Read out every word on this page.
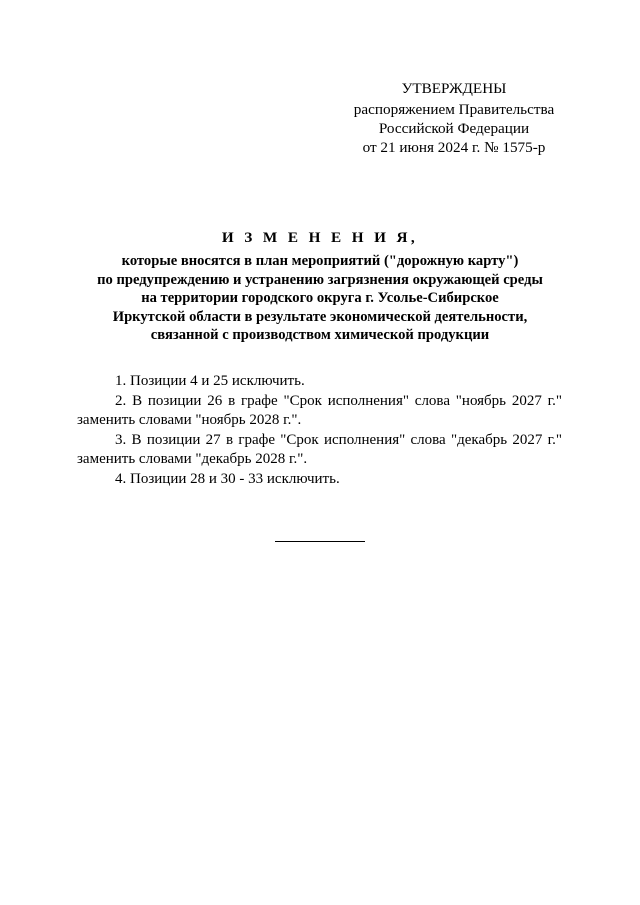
УТВЕРЖДЕНЫ
распоряжением Правительства
Российской Федерации
от 21 июня 2024 г. № 1575-р
И З М Е Н Е Н И Я,
которые вносятся в план мероприятий ("дорожную карту")
по предупреждению и устранению загрязнения окружающей среды
на территории городского округа г. Усолье-Сибирское
Иркутской области в результате экономической деятельности,
связанной с производством химической продукции

1. Позиции 4 и 25 исключить.

2. В позиции 26 в графе "Срок исполнения" слова "ноябрь 2027 г."
заменить словами "ноябрь 2028 г.".

3. В позиции 27 в графе "Срок исполнения" слова "декабрь 2027 г."
заменить словами "декабрь 2028 г.".

4. Позиции 28 и 30 - 33 исключить.
